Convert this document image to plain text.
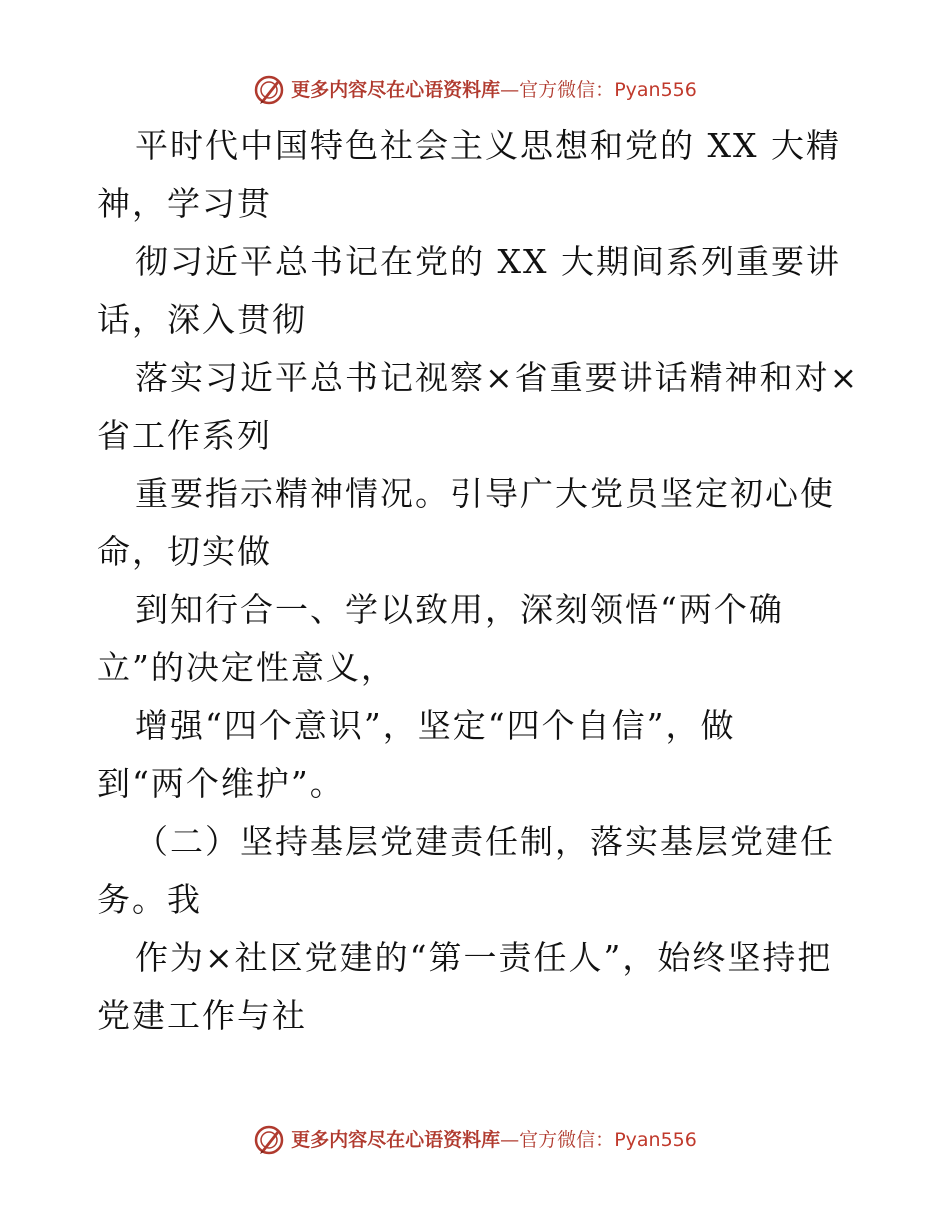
更多内容尽在心语资料库 — 官方微信： Pyan556
平时代中国特色社会主义思想和党的 XX 大精
神，学习贯
彻习近平总书记在党的 XX 大期间系列重要讲
话，深入贯彻
落实习近平总书记视察×省重要讲话精神和对×
省工作系列
重要指示精神情况。引导广大党员坚定初心使
命，切实做
到知行合一、学以致用，深刻领悟“两个确
立”的决定性意义，
增强“四个意识”，坚定“四个自信”，做
到“两个维护”。
（二）坚持基层党建责任制，落实基层党建任
务。我
作为×社区党建的“第一责任人”，始终坚持把
党建工作与社
更多内容尽在心语资料库 — 官方微信： Pyan556
